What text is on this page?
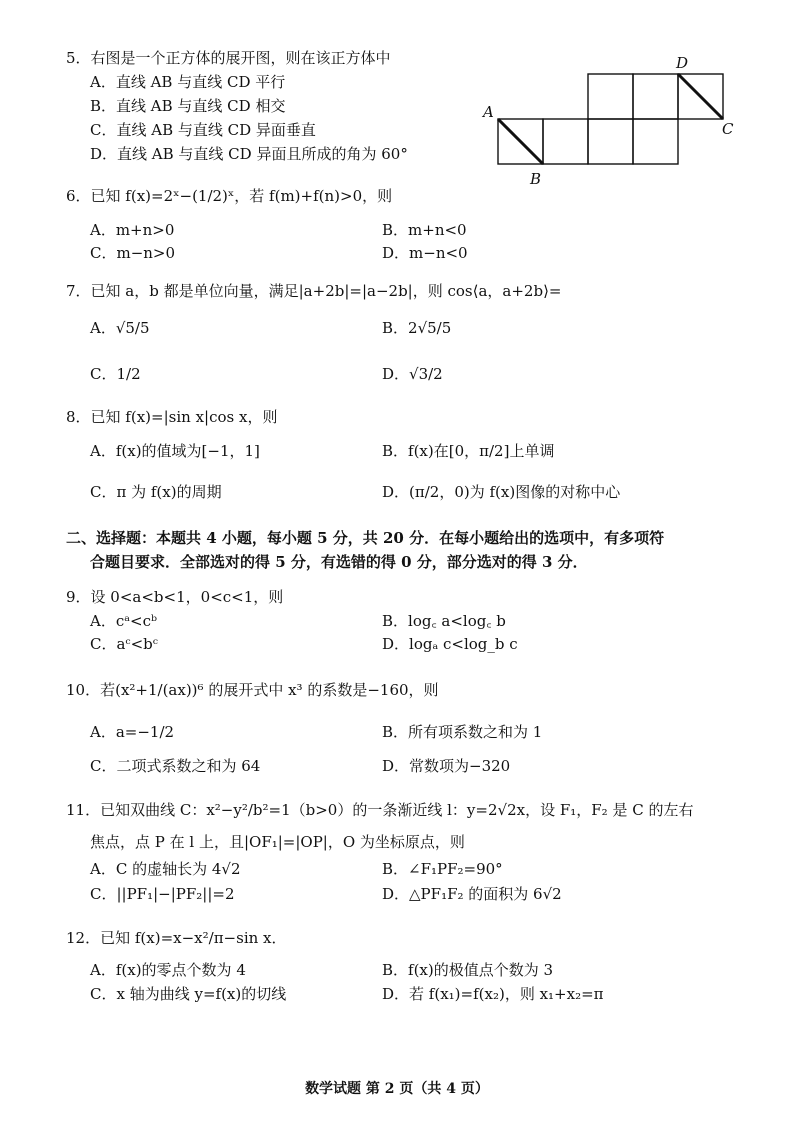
5．右图是一个正方体的展开图，则在该正方体中
A．直线 AB 与直线 CD 平行
B．直线 AB 与直线 CD 相交
C．直线 AB 与直线 CD 异面垂直
D．直线 AB 与直线 CD 异面且所成的角为 60°
A
B
C
D
6．已知 f(x)=2ˣ−(1/2)ˣ，若 f(m)+f(n)>0，则
A．m+n>0	B．m+n<0
C．m−n>0	D．m−n<0
7．已知 a，b 都是单位向量，满足|a+2b|=|a−2b|，则 cos⟨a，a+2b⟩=
A．√5/5	B．2√5/5
C．1/2	D．√3/2
8．已知 f(x)=|sin x|cos x，则
A．f(x)的值域为[−1，1]	B．f(x)在[0，π/2]上单调
C．π 为 f(x)的周期	D．(π/2，0)为 f(x)图像的对称中心
二、选择题：本题共 4 小题，每小题 5 分，共 20 分．在每小题给出的选项中，有多项符
合题目要求．全部选对的得 5 分，有选错的得 0 分，部分选对的得 3 分．
9．设 0<a<b<1，0<c<1，则
A．cᵃ<cᵇ	B．log꜀ a<log꜀ b
C．aᶜ<bᶜ	D．logₐ c<log_b c
10．若(x²+1/(ax))⁶ 的展开式中 x³ 的系数是−160，则
A．a=−1/2	B．所有项系数之和为 1
C．二项式系数之和为 64	D．常数项为−320
11．已知双曲线 C：x²−y²/b²=1（b>0）的一条渐近线 l：y=2√2x，设 F₁，F₂ 是 C 的左右
焦点，点 P 在 l 上，且|OF₁|=|OP|，O 为坐标原点，则
A．C 的虚轴长为 4√2	B．∠F₁PF₂=90°
C．||PF₁|−|PF₂||=2	D．△PF₁F₂ 的面积为 6√2
12．已知 f(x)=x−x²/π−sin x．
A．f(x)的零点个数为 4	B．f(x)的极值点个数为 3
C．x 轴为曲线 y=f(x)的切线	D．若 f(x₁)=f(x₂)，则 x₁+x₂=π
数学试题 第 2 页（共 4 页）
